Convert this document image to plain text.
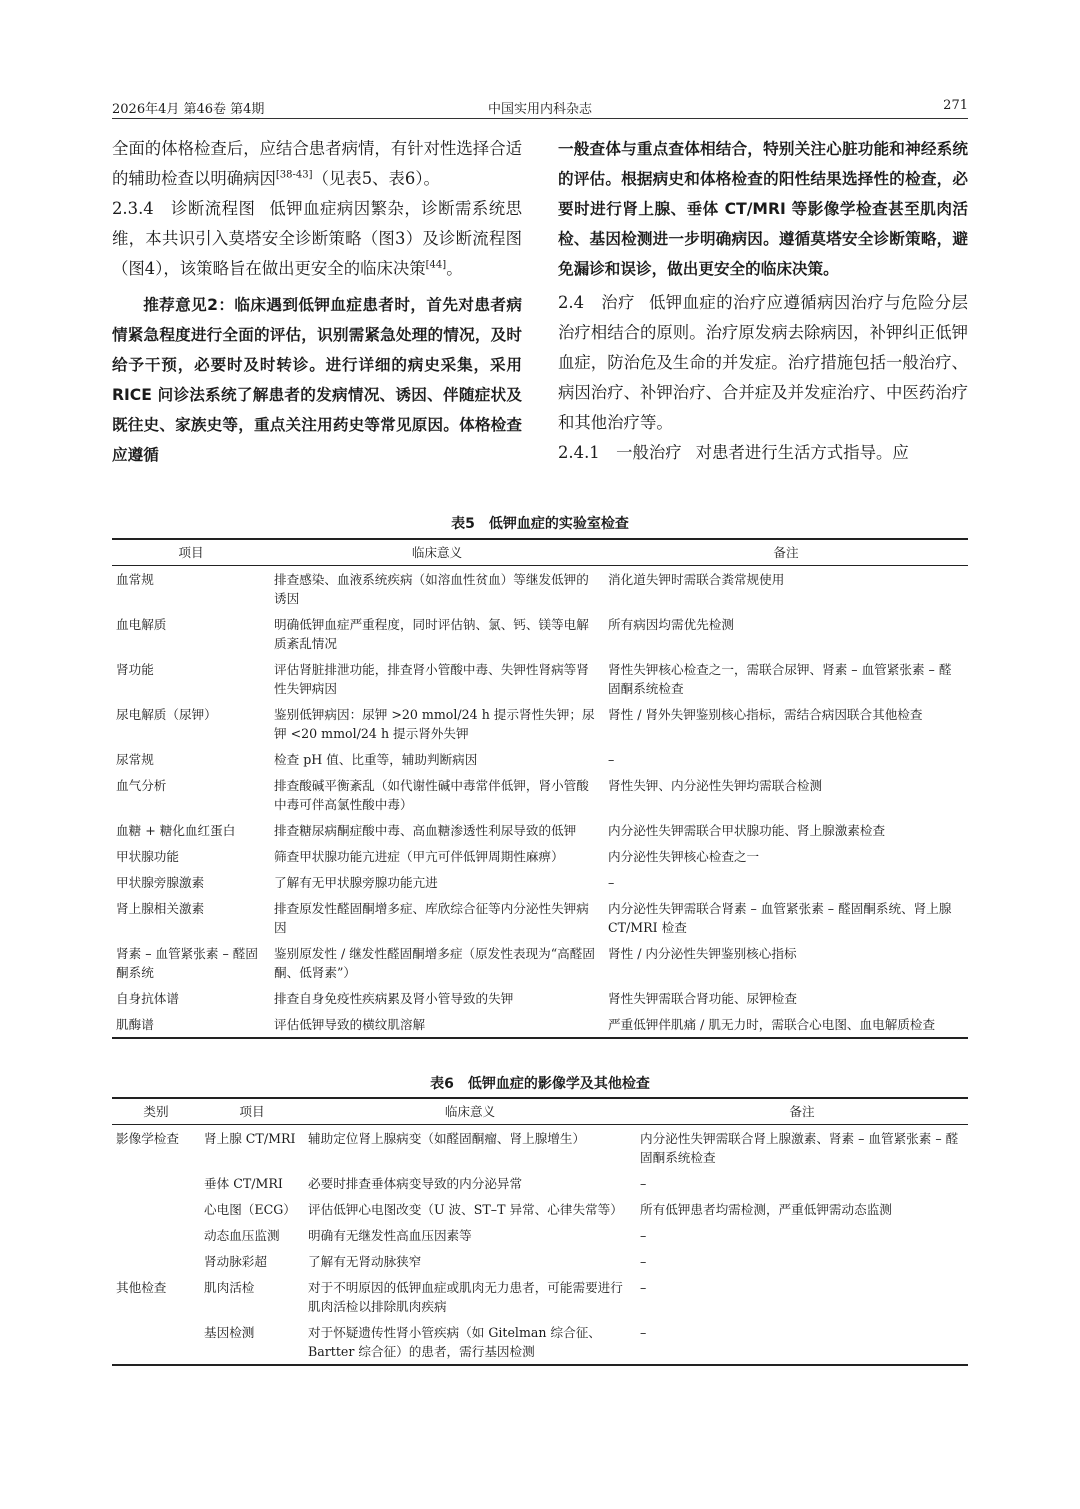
2026年4月 第46卷 第4期	中国实用内科杂志	271

全面的体格检查后，应结合患者病情，有针对性选择合适的辅助检查以明确病因[38-43]（见表5、表6）。

2.3.4　诊断流程图 低钾血症病因繁杂，诊断需系统思维，本共识引入莫塔安全诊断策略（图3）及诊断流程图（图4），该策略旨在做出更安全的临床决策[44]。

推荐意见2：临床遇到低钾血症患者时，首先对患者病情紧急程度进行全面的评估，识别需紧急处理的情况，及时给予干预，必要时及时转诊。进行详细的病史采集，采用 RICE 问诊法系统了解患者的发病情况、诱因、伴随症状及既往史、家族史等，重点关注用药史等常见原因。体格检查应遵循

一般查体与重点查体相结合，特别关注心脏功能和神经系统的评估。根据病史和体格检查的阳性结果选择性的检查，必要时进行肾上腺、垂体 CT/MRI 等影像学检查甚至肌肉活检、基因检测进一步明确病因。遵循莫塔安全诊断策略，避免漏诊和误诊，做出更安全的临床决策。

2.4　治疗 低钾血症的治疗应遵循病因治疗与危险分层治疗相结合的原则。治疗原发病去除病因，补钾纠正低钾血症，防治危及生命的并发症。治疗措施包括一般治疗、病因治疗、补钾治疗、合并症及并发症治疗、中医药治疗和其他治疗等。

2.4.1　一般治疗 对患者进行生活方式指导。应

表5　低钾血症的实验室检查
项目	临床意义	备注
血常规	排查感染、血液系统疾病（如溶血性贫血）等继发低钾的诱因	消化道失钾时需联合粪常规使用
血电解质	明确低钾血症严重程度，同时评估钠、氯、钙、镁等电解质紊乱情况	所有病因均需优先检测
肾功能	评估肾脏排泄功能，排查肾小管酸中毒、失钾性肾病等肾性失钾病因	肾性失钾核心检查之一，需联合尿钾、肾素 – 血管紧张素 – 醛固酮系统检查
尿电解质（尿钾）	鉴别低钾病因：尿钾 >20 mmol/24 h 提示肾性失钾；尿钾 <20 mmol/24 h 提示肾外失钾	肾性 / 肾外失钾鉴别核心指标，需结合病因联合其他检查
尿常规	检查 pH 值、比重等，辅助判断病因	–
血气分析	排查酸碱平衡紊乱（如代谢性碱中毒常伴低钾，肾小管酸中毒可伴高氯性酸中毒）	肾性失钾、内分泌性失钾均需联合检测
血糖 + 糖化血红蛋白	排查糖尿病酮症酸中毒、高血糖渗透性利尿导致的低钾	内分泌性失钾需联合甲状腺功能、肾上腺激素检查
甲状腺功能	筛查甲状腺功能亢进症（甲亢可伴低钾周期性麻痹）	内分泌性失钾核心检查之一
甲状腺旁腺激素	了解有无甲状腺旁腺功能亢进	–
肾上腺相关激素	排查原发性醛固酮增多症、库欣综合征等内分泌性失钾病因	内分泌性失钾需联合肾素 – 血管紧张素 – 醛固酮系统、肾上腺 CT/MRI 检查
肾素 – 血管紧张素 – 醛固酮系统	鉴别原发性 / 继发性醛固酮增多症（原发性表现为“高醛固酮、低肾素”）	肾性 / 内分泌性失钾鉴别核心指标
自身抗体谱	排查自身免疫性疾病累及肾小管导致的失钾	肾性失钾需联合肾功能、尿钾检查
肌酶谱	评估低钾导致的横纹肌溶解	严重低钾伴肌痛 / 肌无力时，需联合心电图、血电解质检查
表6　低钾血症的影像学及其他检查
类别	项目	临床意义	备注
影像学检查	肾上腺 CT/MRI	辅助定位肾上腺病变（如醛固酮瘤、肾上腺增生）	内分泌性失钾需联合肾上腺激素、肾素 – 血管紧张素 – 醛固酮系统检查
	垂体 CT/MRI	必要时排查垂体病变导致的内分泌异常	–
	心电图（ECG）	评估低钾心电图改变（U 波、ST–T 异常、心律失常等）	所有低钾患者均需检测，严重低钾需动态监测
	动态血压监测	明确有无继发性高血压因素等	–
	肾动脉彩超	了解有无肾动脉狭窄	–
其他检查	肌肉活检	对于不明原因的低钾血症或肌肉无力患者，可能需要进行肌肉活检以排除肌肉疾病	–
	基因检测	对于怀疑遗传性肾小管疾病（如 Gitelman 综合征、Bartter 综合征）的患者，需行基因检测	–
